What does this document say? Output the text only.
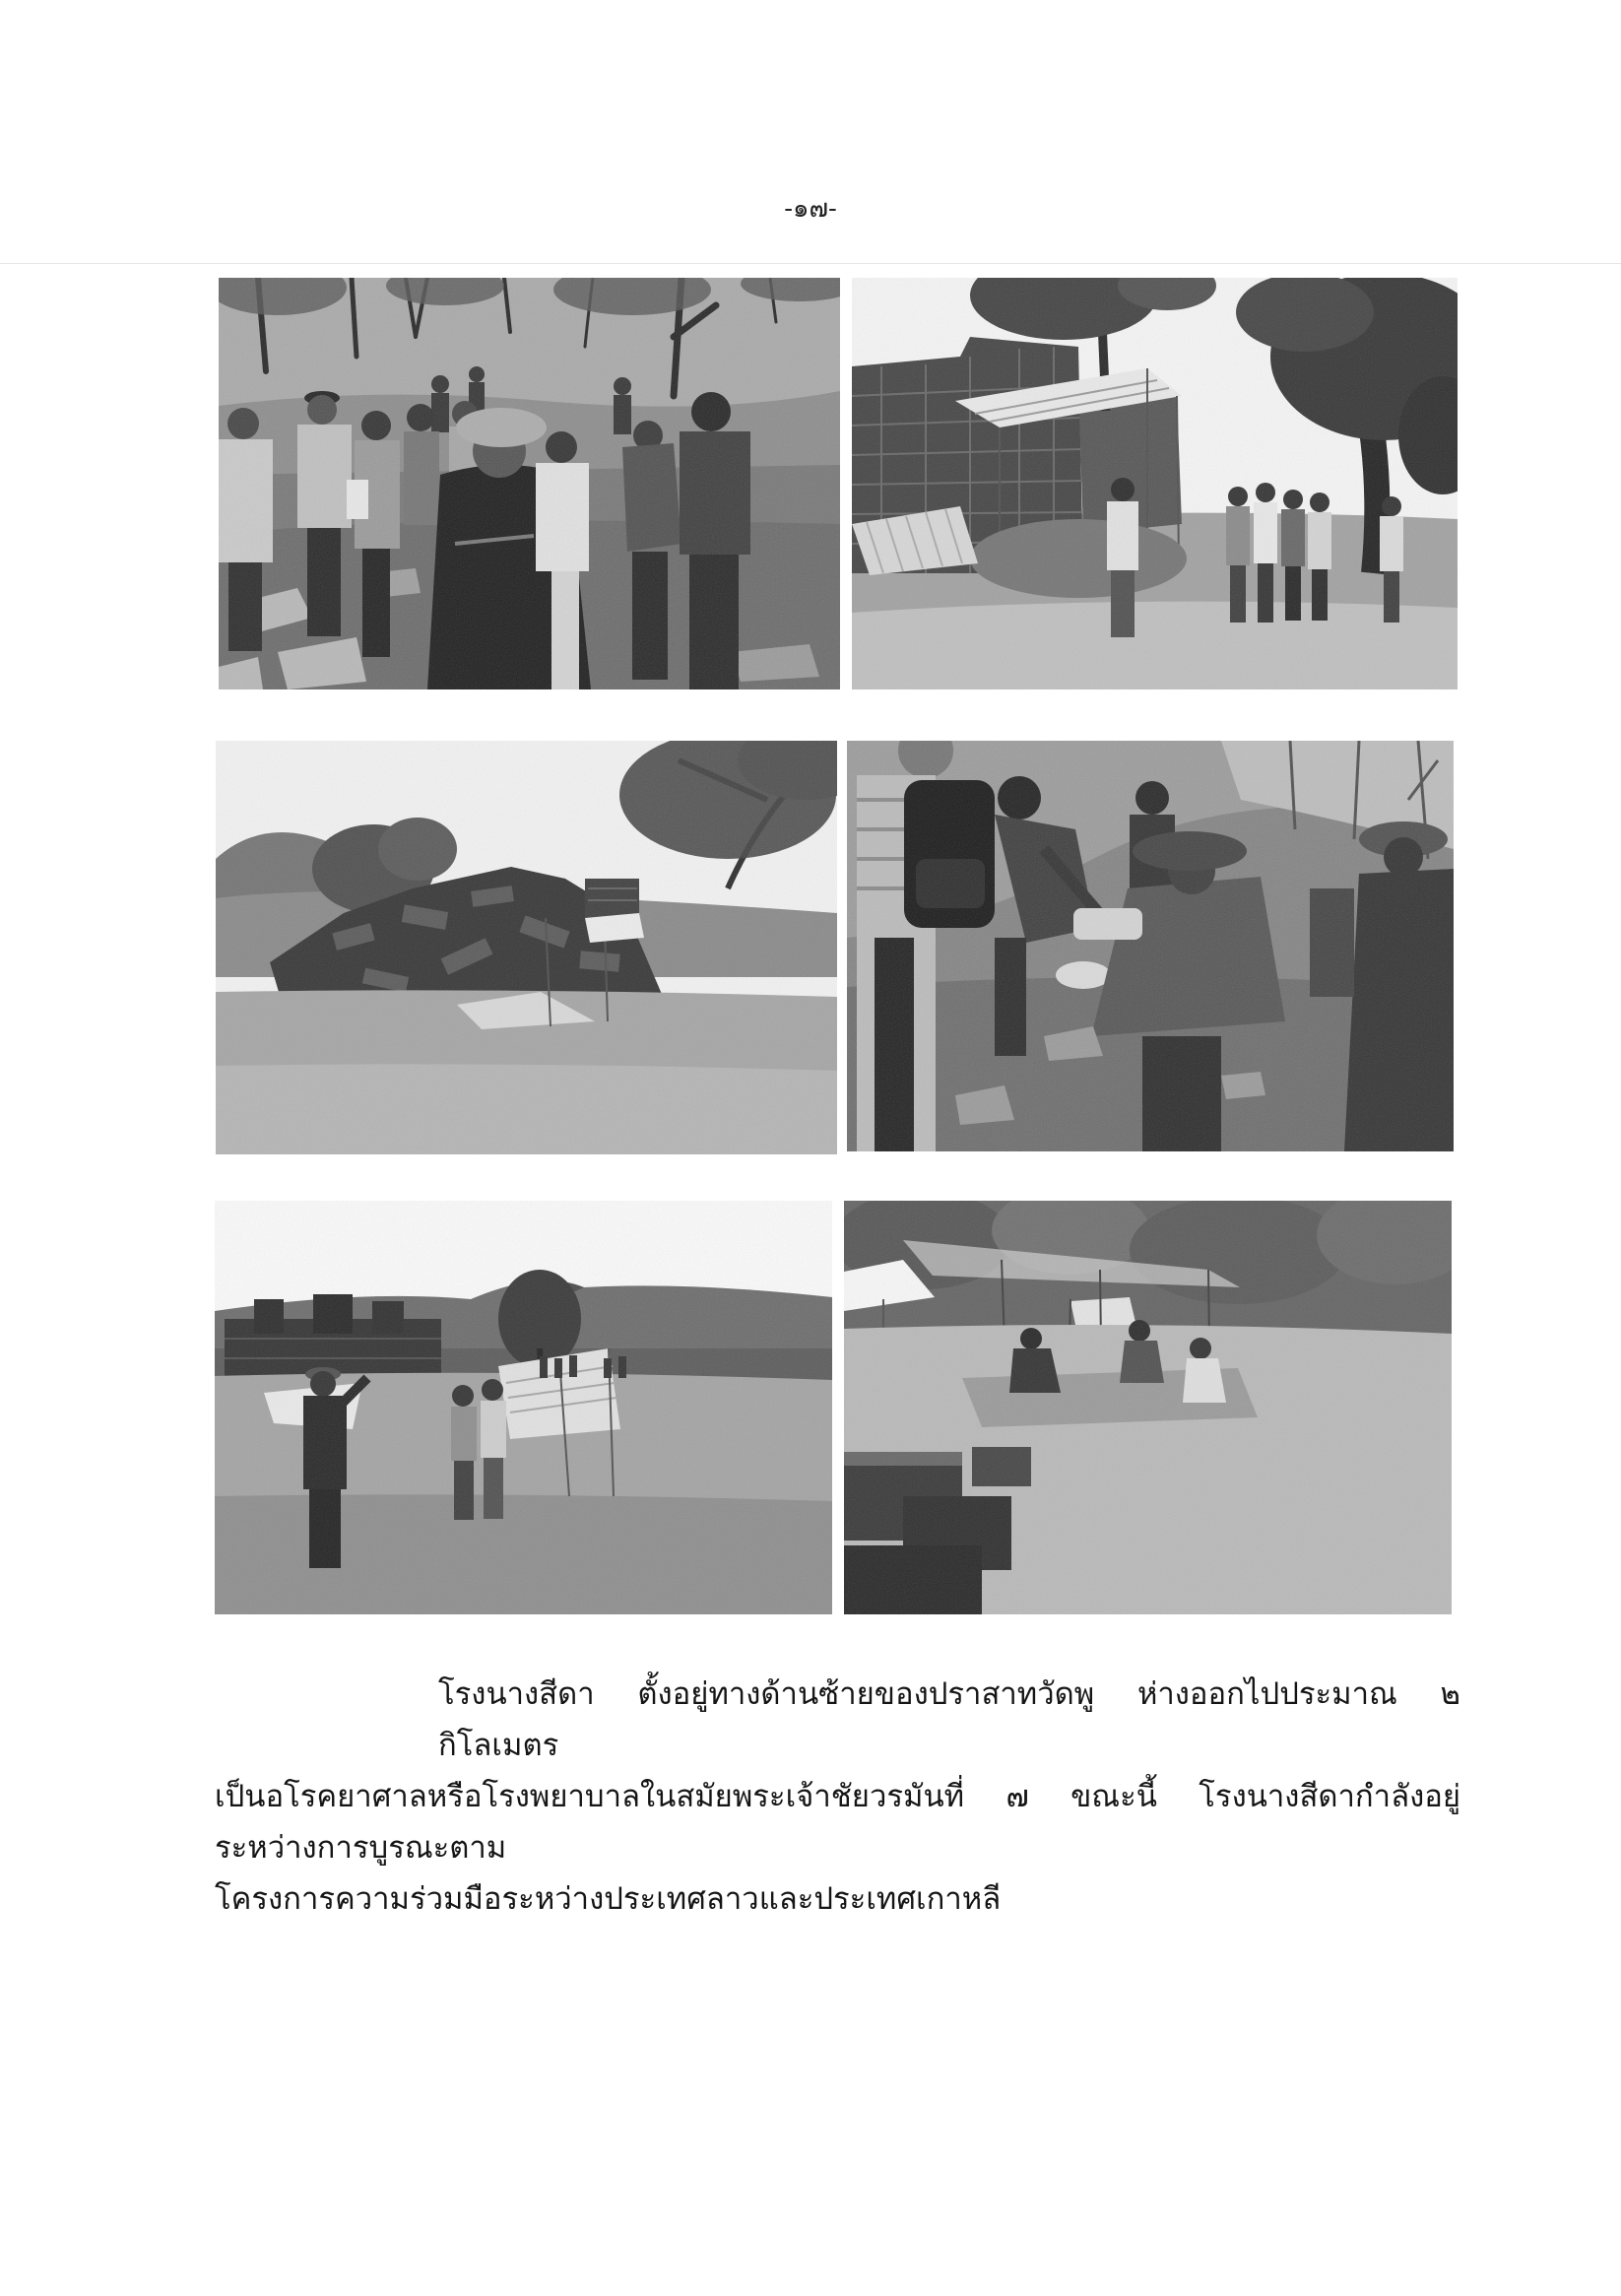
-๑๗-
โรงนางสีดา ตั้งอยู่ทางด้านซ้ายของปราสาทวัดพู ห่างออกไปประมาณ ๒ กิโลเมตร
เป็นอโรคยาศาลหรือโรงพยาบาลในสมัยพระเจ้าชัยวรมันที่ ๗ ขณะนี้ โรงนางสีดากำลังอยู่ระหว่างการบูรณะตาม
โครงการความร่วมมือระหว่างประเทศลาวและประเทศเกาหลี
